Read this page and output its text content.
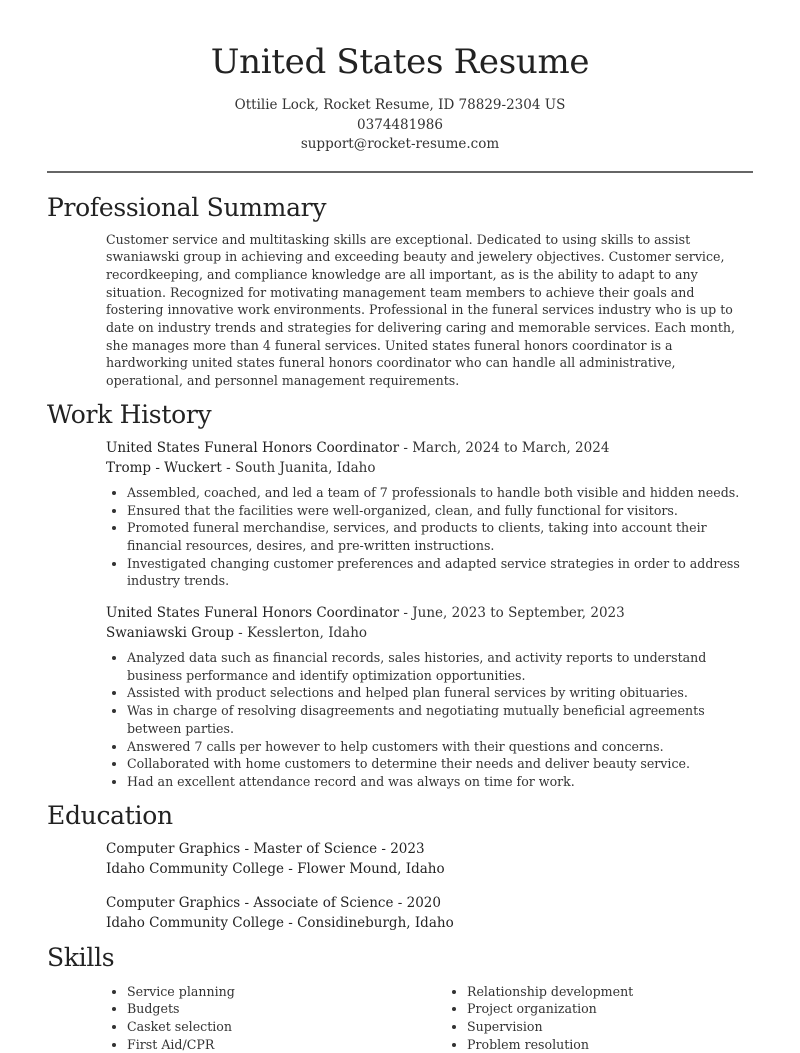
United States Resume
Ottilie Lock, Rocket Resume, ID 78829-2304 US
0374481986
support@rocket-resume.com
Professional Summary

Customer service and multitasking skills are exceptional. Dedicated to using skills to assist swaniawski group in achieving and exceeding beauty and jewelery objectives. Customer service, recordkeeping, and compliance knowledge are all important, as is the ability to adapt to any situation. Recognized for motivating management team members to achieve their goals and fostering innovative work environments. Professional in the funeral services industry who is up to date on industry trends and strategies for delivering caring and memorable services. Each month, she manages more than 4 funeral services. United states funeral honors coordinator is a hardworking united states funeral honors coordinator who can handle all administrative, operational, and personnel management requirements.

Work History
United States Funeral Honors Coordinator - March, 2024 to March, 2024
Tromp - Wuckert - South Juanita, Idaho
• Assembled, coached, and led a team of 7 professionals to handle both visible and hidden needs.
• Ensured that the facilities were well-organized, clean, and fully functional for visitors.
• Promoted funeral merchandise, services, and products to clients, taking into account their financial resources, desires, and pre-written instructions.
• Investigated changing customer preferences and adapted service strategies in order to address industry trends.
United States Funeral Honors Coordinator - June, 2023 to September, 2023
Swaniawski Group - Kesslerton, Idaho
• Analyzed data such as financial records, sales histories, and activity reports to understand business performance and identify optimization opportunities.
• Assisted with product selections and helped plan funeral services by writing obituaries.
• Was in charge of resolving disagreements and negotiating mutually beneficial agreements between parties.
• Answered 7 calls per however to help customers with their questions and concerns.
• Collaborated with home customers to determine their needs and deliver beauty service.
• Had an excellent attendance record and was always on time for work.
Education
Computer Graphics - Master of Science - 2023
Idaho Community College - Flower Mound, Idaho
Computer Graphics - Associate of Science - 2020
Idaho Community College - Considineburgh, Idaho
Skills
• Service planning
• Budgets
• Casket selection
• First Aid/CPR
• Relationship development
• Project organization
• Supervision
• Problem resolution
